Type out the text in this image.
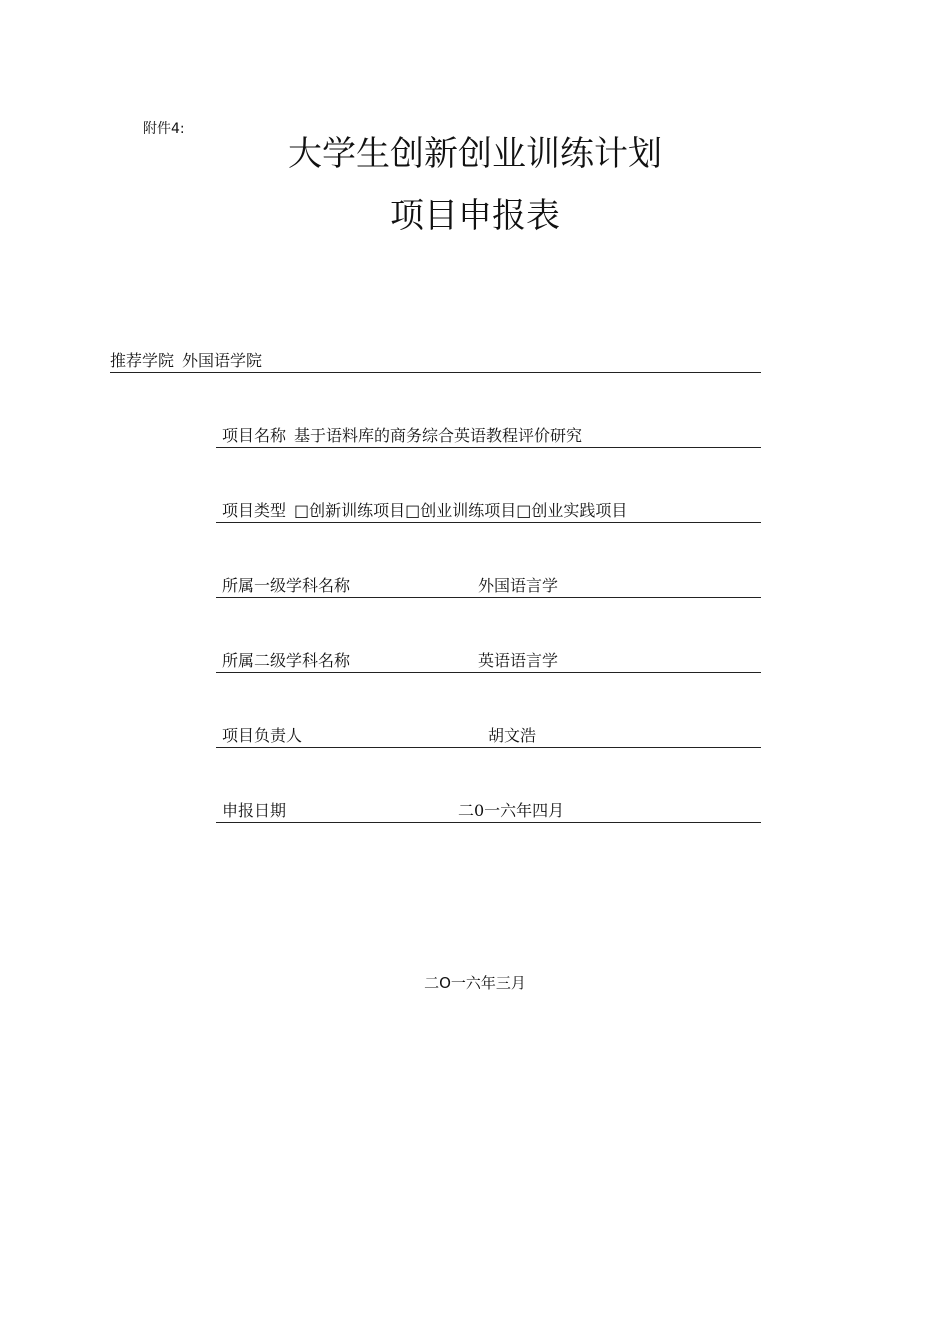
附件4:
大学生创新创业训练计划
项目申报表
推荐学院 外国语学院
项目名称 基于语料库的商务综合英语教程评价研究
项目类型 □创新训练项目□创业训练项目□创业实践项目
所属一级学科名称	外国语言学
所属二级学科名称	英语语言学
项目负责人	胡文浩
申报日期	二0一六年四月
二O一六年三月
